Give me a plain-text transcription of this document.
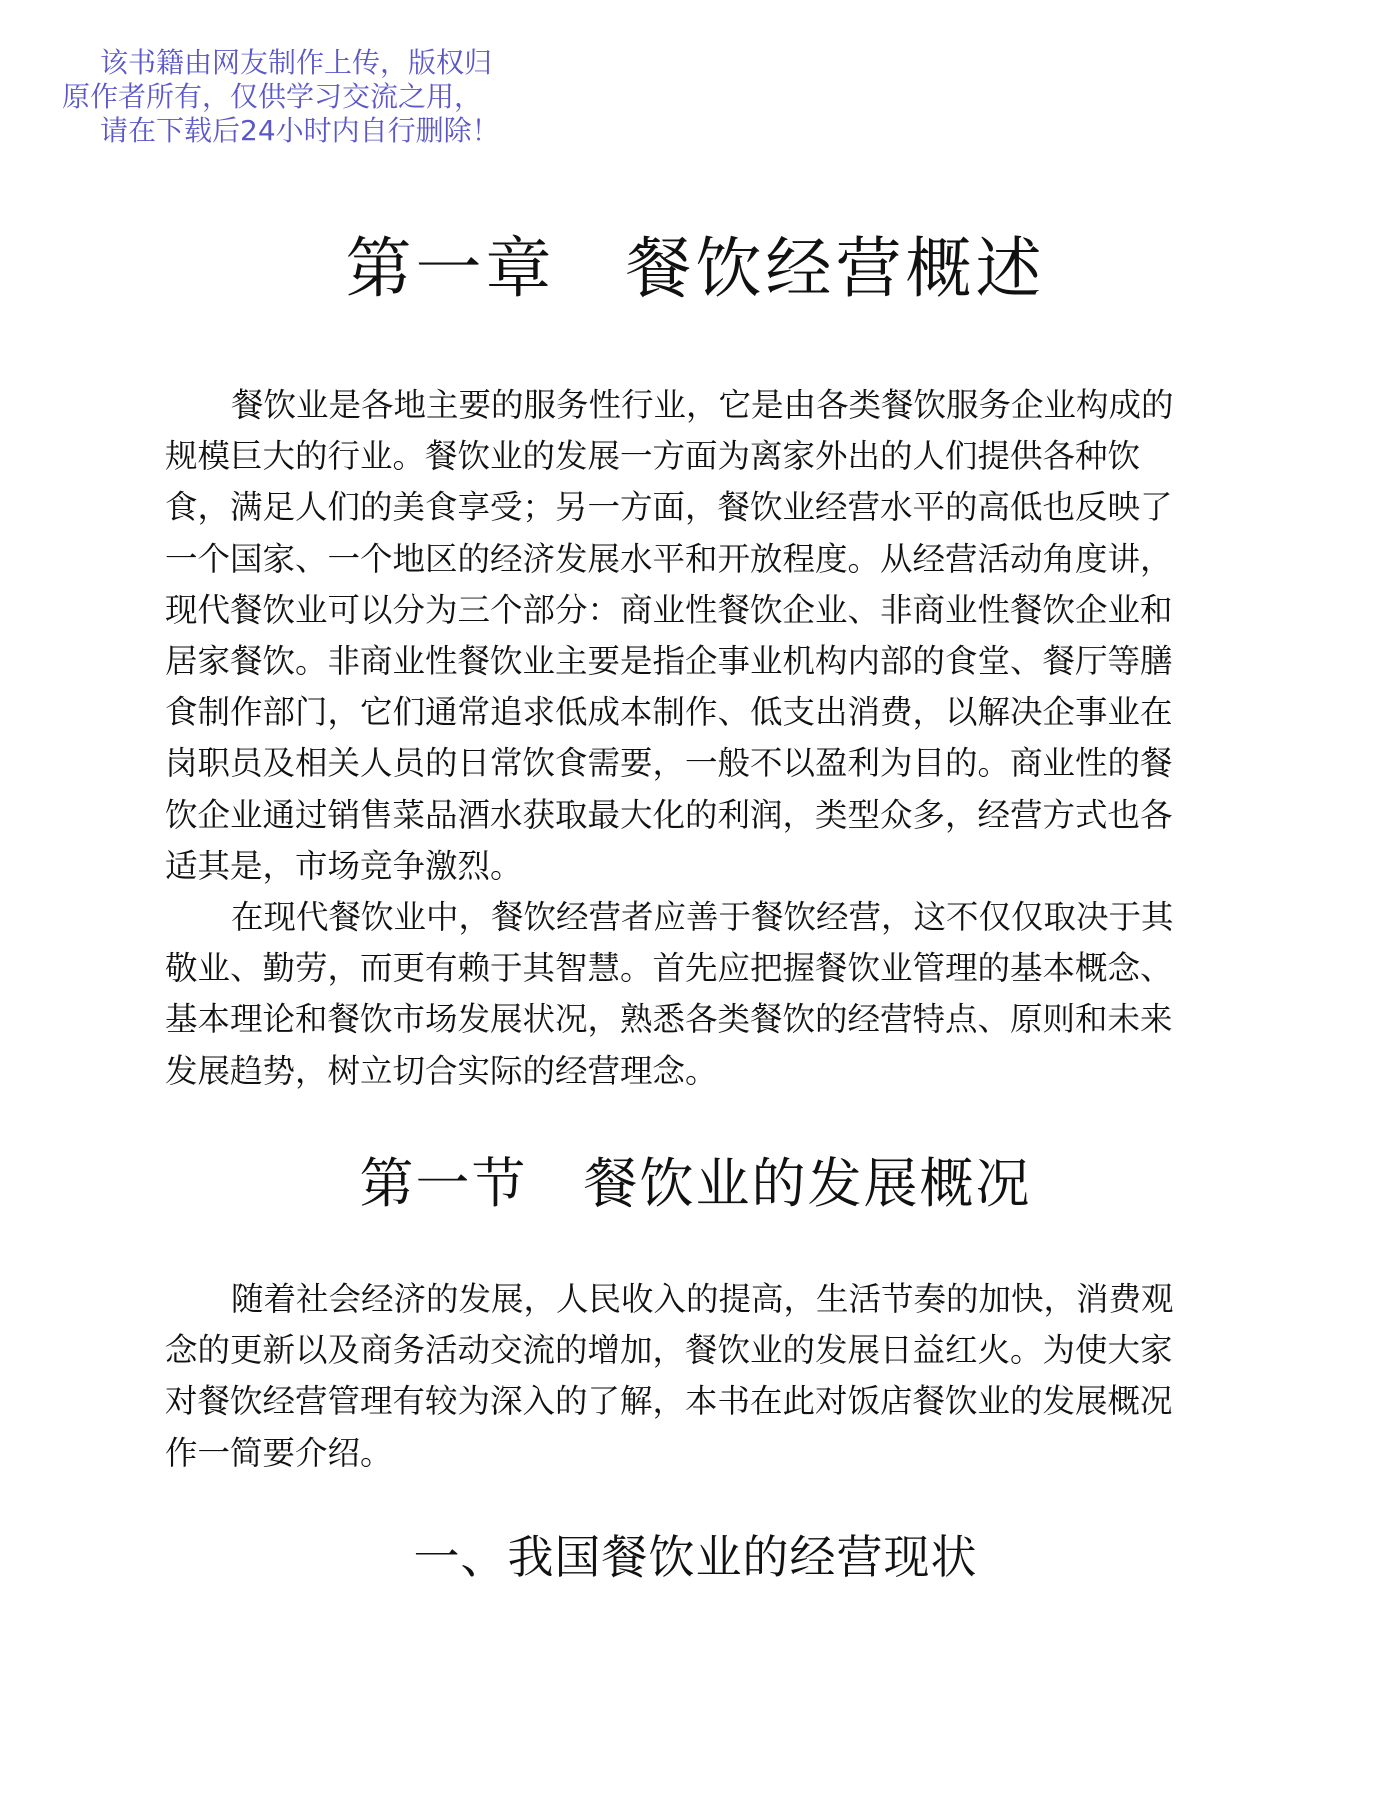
该书籍由网友制作上传，版权归
原作者所有，仅供学习交流之用，
请在下载后24小时内自行删除！
第一章　餐饮经营概述
餐饮业是各地主要的服务性行业，它是由各类餐饮服务企业构成的
规模巨大的行业。餐饮业的发展一方面为离家外出的人们提供各种饮
食，满足人们的美食享受；另一方面，餐饮业经营水平的高低也反映了
一个国家、一个地区的经济发展水平和开放程度。从经营活动角度讲，
现代餐饮业可以分为三个部分：商业性餐饮企业、非商业性餐饮企业和
居家餐饮。非商业性餐饮业主要是指企事业机构内部的食堂、餐厅等膳
食制作部门，它们通常追求低成本制作、低支出消费，以解决企事业在
岗职员及相关人员的日常饮食需要，一般不以盈利为目的。商业性的餐
饮企业通过销售菜品酒水获取最大化的利润，类型众多，经营方式也各
适其是，市场竞争激烈。
在现代餐饮业中，餐饮经营者应善于餐饮经营，这不仅仅取决于其
敬业、勤劳，而更有赖于其智慧。首先应把握餐饮业管理的基本概念、
基本理论和餐饮市场发展状况，熟悉各类餐饮的经营特点、原则和未来
发展趋势，树立切合实际的经营理念。
第一节　餐饮业的发展概况
随着社会经济的发展，人民收入的提高，生活节奏的加快，消费观
念的更新以及商务活动交流的增加，餐饮业的发展日益红火。为使大家
对餐饮经营管理有较为深入的了解，本书在此对饭店餐饮业的发展概况
作一简要介绍。
一、我国餐饮业的经营现状
